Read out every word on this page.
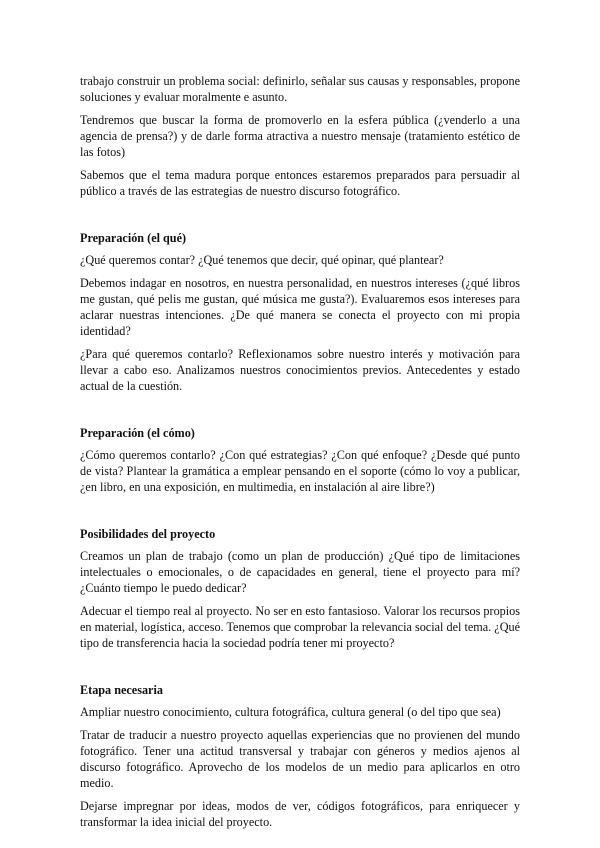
trabajo construir un problema social: definirlo, señalar sus causas y responsables, propone soluciones y evaluar moralmente e asunto.

Tendremos que buscar la forma de promoverlo en la esfera pública (¿venderlo a una agencia de prensa?) y de darle forma atractiva a nuestro mensaje (tratamiento estético de las fotos)

Sabemos que el tema madura porque entonces estaremos preparados para persuadir al público a través de las estrategias de nuestro discurso fotográfico.

Preparación (el qué)

¿Qué queremos contar? ¿Qué tenemos que decir, qué opinar, qué plantear?

Debemos indagar en nosotros, en nuestra personalidad, en nuestros intereses (¿qué libros me gustan, qué pelis me gustan, qué música me gusta?). Evaluaremos esos intereses para aclarar nuestras intenciones. ¿De qué manera se conecta el proyecto con mi propia identidad?

¿Para qué queremos contarlo? Reflexionamos sobre nuestro interés y motivación para llevar a cabo eso. Analizamos nuestros conocimientos previos. Antecedentes y estado actual de la cuestión.

Preparación (el cómo)

¿Cómo queremos contarlo? ¿Con qué estrategias? ¿Con qué enfoque? ¿Desde qué punto de vista? Plantear la gramática a emplear pensando en el soporte (cómo lo voy a publicar, ¿en libro, en una exposición, en multimedia, en instalación al aire libre?)

Posibilidades del proyecto

Creamos un plan de trabajo (como un plan de producción) ¿Qué tipo de limitaciones intelectuales o emocionales, o de capacidades en general, tiene el proyecto para mí? ¿Cuánto tiempo le puedo dedicar?

Adecuar el tiempo real al proyecto. No ser en esto fantasioso. Valorar los recursos propios en material, logística, acceso. Tenemos que comprobar la relevancia social del tema. ¿Qué tipo de transferencia hacia la sociedad podría tener mi proyecto?

Etapa necesaria

Ampliar nuestro conocimiento, cultura fotográfica, cultura general (o del tipo que sea)

Tratar de traducir a nuestro proyecto aquellas experiencias que no provienen del mundo fotográfico. Tener una actitud transversal y trabajar con géneros y medios ajenos al discurso fotográfico. Aprovecho de los modelos de un medio para aplicarlos en otro medio.

Dejarse impregnar por ideas, modos de ver, códigos fotográficos, para enriquecer y transformar la idea inicial del proyecto.
